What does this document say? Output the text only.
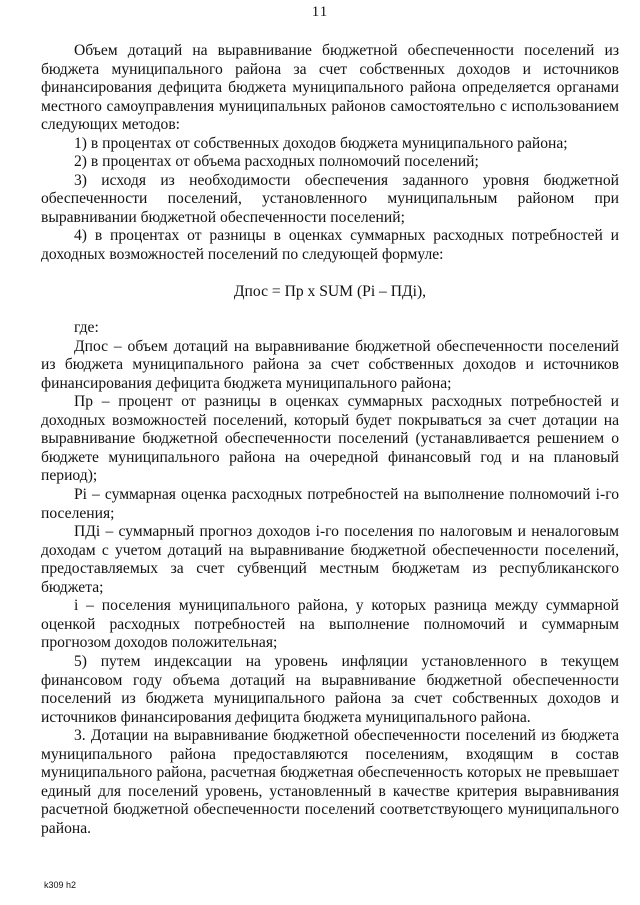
11

Объем дотаций на выравнивание бюджетной обеспеченности поселений из бюджета муниципального района за счет собственных доходов и источников финансирования дефицита бюджета муниципального района определяется органами местного самоуправления муниципальных районов самостоятельно с использованием следующих методов:

1) в процентах от собственных доходов бюджета муниципального района;

2) в процентах от объема расходных полномочий поселений;

3) исходя из необходимости обеспечения заданного уровня бюджетной обеспеченности поселений, установленного муниципальным районом при выравнивании бюджетной обеспеченности поселений;

4) в процентах от разницы в оценках суммарных расходных потребностей и доходных возможностей поселений по следующей формуле:

Дпос = Пр x SUM (Pi – ПДi),

где:

Дпос – объем дотаций на выравнивание бюджетной обеспеченности поселений из бюджета муниципального района за счет собственных доходов и источников финансирования дефицита бюджета муниципального района;

Пр – процент от разницы в оценках суммарных расходных потребностей и доходных возможностей поселений, который будет покрываться за счет дотации на выравнивание бюджетной обеспеченности поселений (устанавливается решением о бюджете муниципального района на очередной финансовый год и на плановый период);

Pi – суммарная оценка расходных потребностей на выполнение полномочий i-го поселения;

ПДi – суммарный прогноз доходов i-го поселения по налоговым и неналоговым доходам с учетом дотаций на выравнивание бюджетной обеспеченности поселений, предоставляемых за счет субвенций местным бюджетам из республиканского бюджета;

i – поселения муниципального района, у которых разница между суммарной оценкой расходных потребностей на выполнение полномочий и суммарным прогнозом доходов положительная;

5) путем индексации на уровень инфляции установленного в текущем финансовом году объема дотаций на выравнивание бюджетной обеспеченности поселений из бюджета муниципального района за счет собственных доходов и источников финансирования дефицита бюджета муниципального района.

3. Дотации на выравнивание бюджетной обеспеченности поселений из бюджета муниципального района предоставляются поселениям, входящим в состав муниципального района, расчетная бюджетная обеспеченность которых не превышает единый для поселений уровень, установленный в качестве критерия выравнивания расчетной бюджетной обеспеченности поселений соответствующего муниципального района.

k309 h2
